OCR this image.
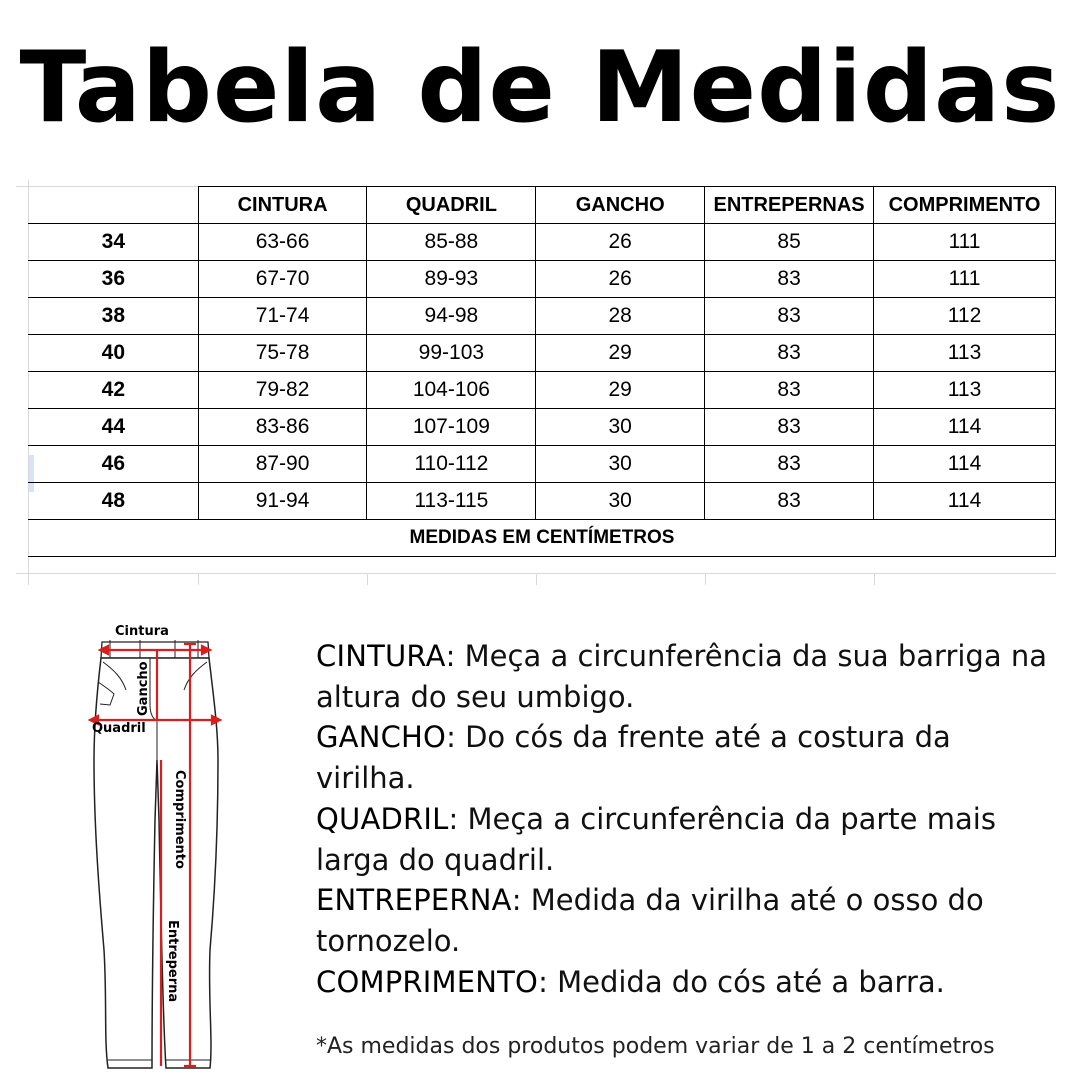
Tabela de Medidas
	CINTURA	QUADRIL	GANCHO	ENTREPERNAS	COMPRIMENTO
34	63-66	85-88	26	85	111
36	67-70	89-93	26	83	111
38	71-74	94-98	28	83	112
40	75-78	99-103	29	83	113
42	79-82	104-106	29	83	113
44	83-86	107-109	30	83	114
46	87-90	110-112	30	83	114
48	91-94	113-115	30	83	114
MEDIDAS EM CENTÍMETROS					
Cintura
Gancho
Quadril
Comprimento
Entreperna

CINTURA: Meça a circunferência da sua barriga na altura do seu umbigo.

GANCHO: Do cós da frente até a costura da virilha.

QUADRIL: Meça a circunferência da parte mais larga do quadril.

ENTREPERNA: Medida da virilha até o osso do tornozelo.

COMPRIMENTO: Medida do cós até a barra.

*As medidas dos produtos podem variar de 1 a 2 centímetros
